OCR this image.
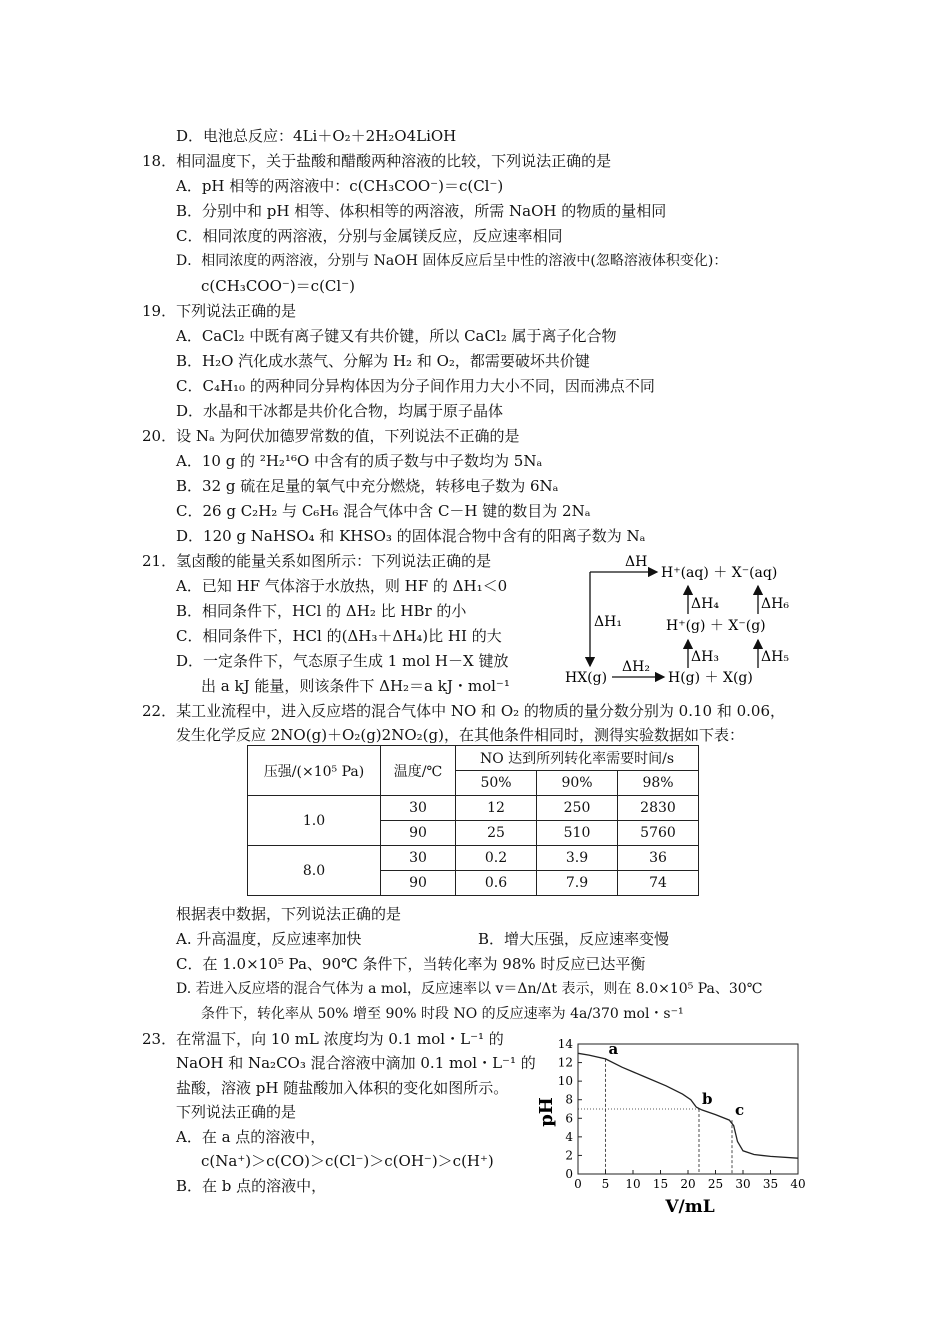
D．电池总反应：4Li＋O₂＋2H₂O4LiOH
18．相同温度下，关于盐酸和醋酸两种溶液的比较，下列说法正确的是
A．pH 相等的两溶液中：c(CH₃COO⁻)＝c(Cl⁻)
B．分别中和 pH 相等、体积相等的两溶液，所需 NaOH 的物质的量相同
C．相同浓度的两溶液，分别与金属镁反应，反应速率相同
D．相同浓度的两溶液，分别与 NaOH 固体反应后呈中性的溶液中(忽略溶液体积变化)：
c(CH₃COO⁻)＝c(Cl⁻)
19．下列说法正确的是
A．CaCl₂ 中既有离子键又有共价键，所以 CaCl₂ 属于离子化合物
B．H₂O 汽化成水蒸气、分解为 H₂ 和 O₂，都需要破坏共价键
C．C₄H₁₀ 的两种同分异构体因为分子间作用力大小不同，因而沸点不同
D．水晶和干冰都是共价化合物，均属于原子晶体
20．设 Nₐ 为阿伏加德罗常数的值，下列说法不正确的是
A．10 g 的 ²H₂¹⁶O 中含有的质子数与中子数均为 5Nₐ
B．32 g 硫在足量的氧气中充分燃烧，转移电子数为 6Nₐ
C．26 g C₂H₂ 与 C₆H₆ 混合气体中含 C－H 键的数目为 2Nₐ
D．120 g NaHSO₄ 和 KHSO₃ 的固体混合物中含有的阳离子数为 Nₐ
21．氢卤酸的能量关系如图所示：下列说法正确的是
A．已知 HF 气体溶于水放热，则 HF 的 ΔH₁＜0
B．相同条件下，HCl 的 ΔH₂ 比 HBr 的小
C．相同条件下，HCl 的(ΔH₃＋ΔH₄)比 HI 的大
D．一定条件下，气态原子生成 1 mol H－X 键放
出 a kJ 能量，则该条件下 ΔH₂＝a kJ・mol⁻¹
ΔH
ΔH₁
H⁺(aq) ＋ X⁻(aq)
ΔH₄	ΔH₆
H⁺(g) ＋ X⁻(g)
ΔH₃	ΔH₅
HX(g)
ΔH₂
H(g) ＋ X(g)
22．某工业流程中，进入反应塔的混合气体中 NO 和 O₂ 的物质的量分数分别为 0.10 和 0.06，
发生化学反应 2NO(g)＋O₂(g)2NO₂(g)，在其他条件相同时，测得实验数据如下表：
压强/(×10⁵ Pa)	温度/℃	NO 达到所列转化率需要时间/s		
		50%	90%	98%
1.0	30	12	250	2830
	90	25	510	5760
8.0	30	0.2	3.9	36
	90	0.6	7.9	74
根据表中数据，下列说法正确的是
A. 升高温度，反应速率加快	B．增大压强，反应速率变慢
C．在 1.0×10⁵ Pa、90℃ 条件下，当转化率为 98% 时反应已达平衡
D. 若进入反应塔的混合气体为 a mol，反应速率以 v＝Δn/Δt 表示，则在 8.0×10⁵ Pa、30℃
条件下，转化率从 50% 增至 90% 时段 NO 的反应速率为 4a/370 mol・s⁻¹
23．在常温下，向 10 mL 浓度均为 0.1 mol・L⁻¹ 的
NaOH 和 Na₂CO₃ 混合溶液中滴加 0.1 mol・L⁻¹ 的
盐酸，溶液 pH 随盐酸加入体积的变化如图所示。
下列说法正确的是
A．在 a 点的溶液中，
c(Na⁺)＞c(CO)＞c(Cl⁻)＞c(OH⁻)＞c(H⁺)
B．在 b 点的溶液中，	0 5 10 15 20 25 30 35 40
0
2
4
6
8
10
12
14 a
b
c
pH
V/mL
